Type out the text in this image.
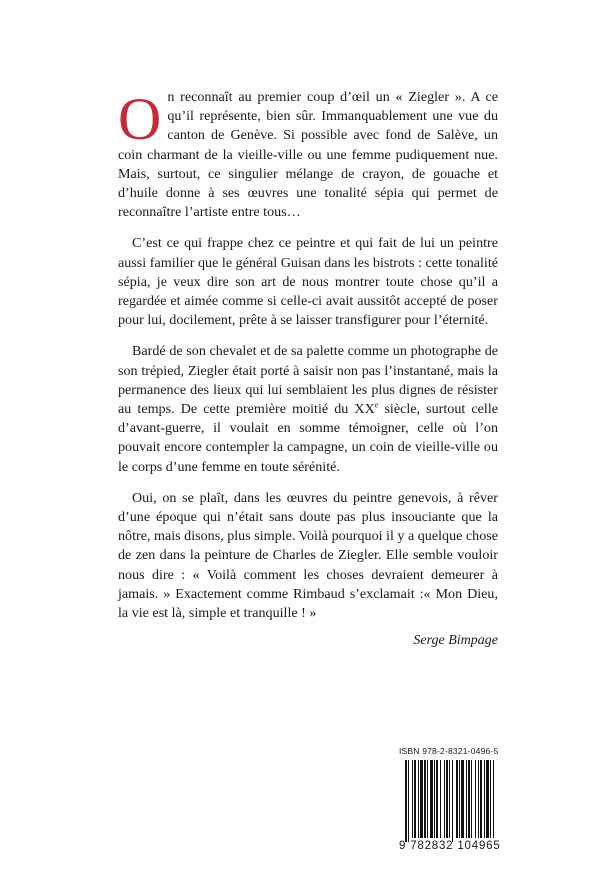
On reconnaît au premier coup d’œil un « Ziegler ». A ce qu’il représente, bien sûr. Immanquablement une vue du canton de Genève. Si possible avec fond de Salève, un coin charmant de la vieille-ville ou une femme pudiquement nue. Mais, surtout, ce singulier mélange de crayon, de gouache et d’huile donne à ses œuvres une tonalité sépia qui permet de reconnaître l’artiste entre tous…

C’est ce qui frappe chez ce peintre et qui fait de lui un peintre aussi familier que le général Guisan dans les bistrots : cette tonalité sépia, je veux dire son art de nous montrer toute chose qu’il a regardée et aimée comme si celle-ci avait aussitôt accepté de poser pour lui, docilement, prête à se laisser transfigurer pour l’éternité.

Bardé de son chevalet et de sa palette comme un photographe de son trépied, Ziegler était porté à saisir non pas l’instantané, mais la permanence des lieux qui lui semblaient les plus dignes de résister au temps. De cette première moitié du XXe siècle, surtout celle d’avant-guerre, il voulait en somme témoigner, celle où l’on pouvait encore contempler la campagne, un coin de vieille-ville ou le corps d’une femme en toute sérénité.

Oui, on se plaît, dans les œuvres du peintre genevois, à rêver d’une époque qui n’était sans doute pas plus insouciante que la nôtre, mais disons, plus simple. Voilà pourquoi il y a quelque chose de zen dans la peinture de Charles de Ziegler. Elle semble vouloir nous dire : « Voilà comment les choses devraient demeurer à jamais. » Exactement comme Rimbaud s’exclamait :« Mon Dieu, la vie est là, simple et tranquille ! »

Serge Bimpage
ISBN 978-2-8321-0496-5
9 782832 104965
